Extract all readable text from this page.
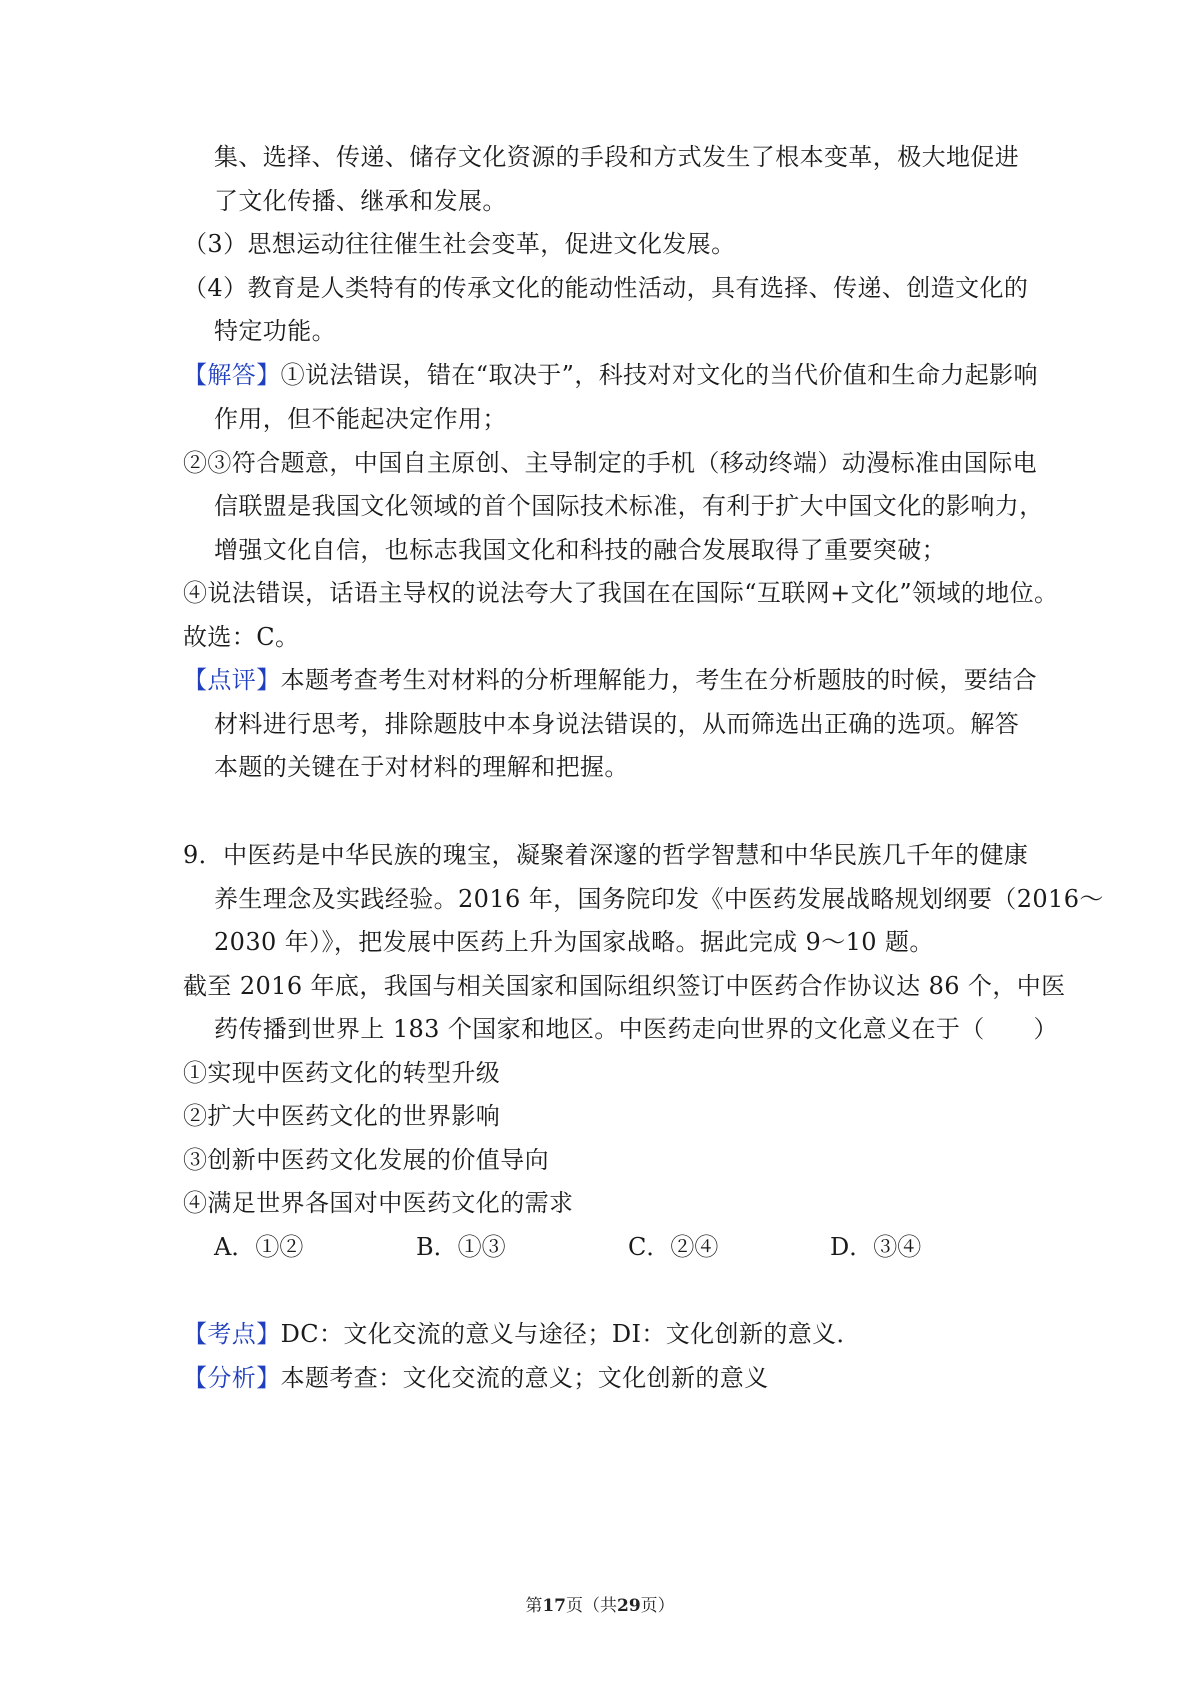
集、选择、传递、储存文化资源的手段和方式发生了根本变革，极大地促进
了文化传播、继承和发展。
（3）思想运动往往催生社会变革，促进文化发展。
（4）教育是人类特有的传承文化的能动性活动，具有选择、传递、创造文化的
特定功能。
【解答】①说法错误，错在“取决于”，科技对对文化的当代价值和生命力起影响
作用，但不能起决定作用；
②③符合题意，中国自主原创、主导制定的手机（移动终端）动漫标准由国际电
信联盟是我国文化领域的首个国际技术标准，有利于扩大中国文化的影响力，
增强文化自信，也标志我国文化和科技的融合发展取得了重要突破；
④说法错误，话语主导权的说法夸大了我国在在国际“互联网+文化”领域的地位。
故选：C。
【点评】本题考查考生对材料的分析理解能力，考生在分析题肢的时候，要结合
材料进行思考，排除题肢中本身说法错误的，从而筛选出正确的选项。解答
本题的关键在于对材料的理解和把握。
9．中医药是中华民族的瑰宝，凝聚着深邃的哲学智慧和中华民族几千年的健康
养生理念及实践经验。2016 年，国务院印发《中医药发展战略规划纲要（2016～
2030 年）》，把发展中医药上升为国家战略。据此完成 9～10 题。
截至 2016 年底，我国与相关国家和国际组织签订中医药合作协议达 86 个，中医
药传播到世界上 183 个国家和地区。中医药走向世界的文化意义在于（　　）
①实现中医药文化的转型升级
②扩大中医药文化的世界影响
③创新中医药文化发展的价值导向
④满足世界各国对中医药文化的需求
A．①②	B．①③	C．②④	D．③④
【考点】DC：文化交流的意义与途径；DI：文化创新的意义．
【分析】本题考查：文化交流的意义；文化创新的意义
第17页（共29页）
